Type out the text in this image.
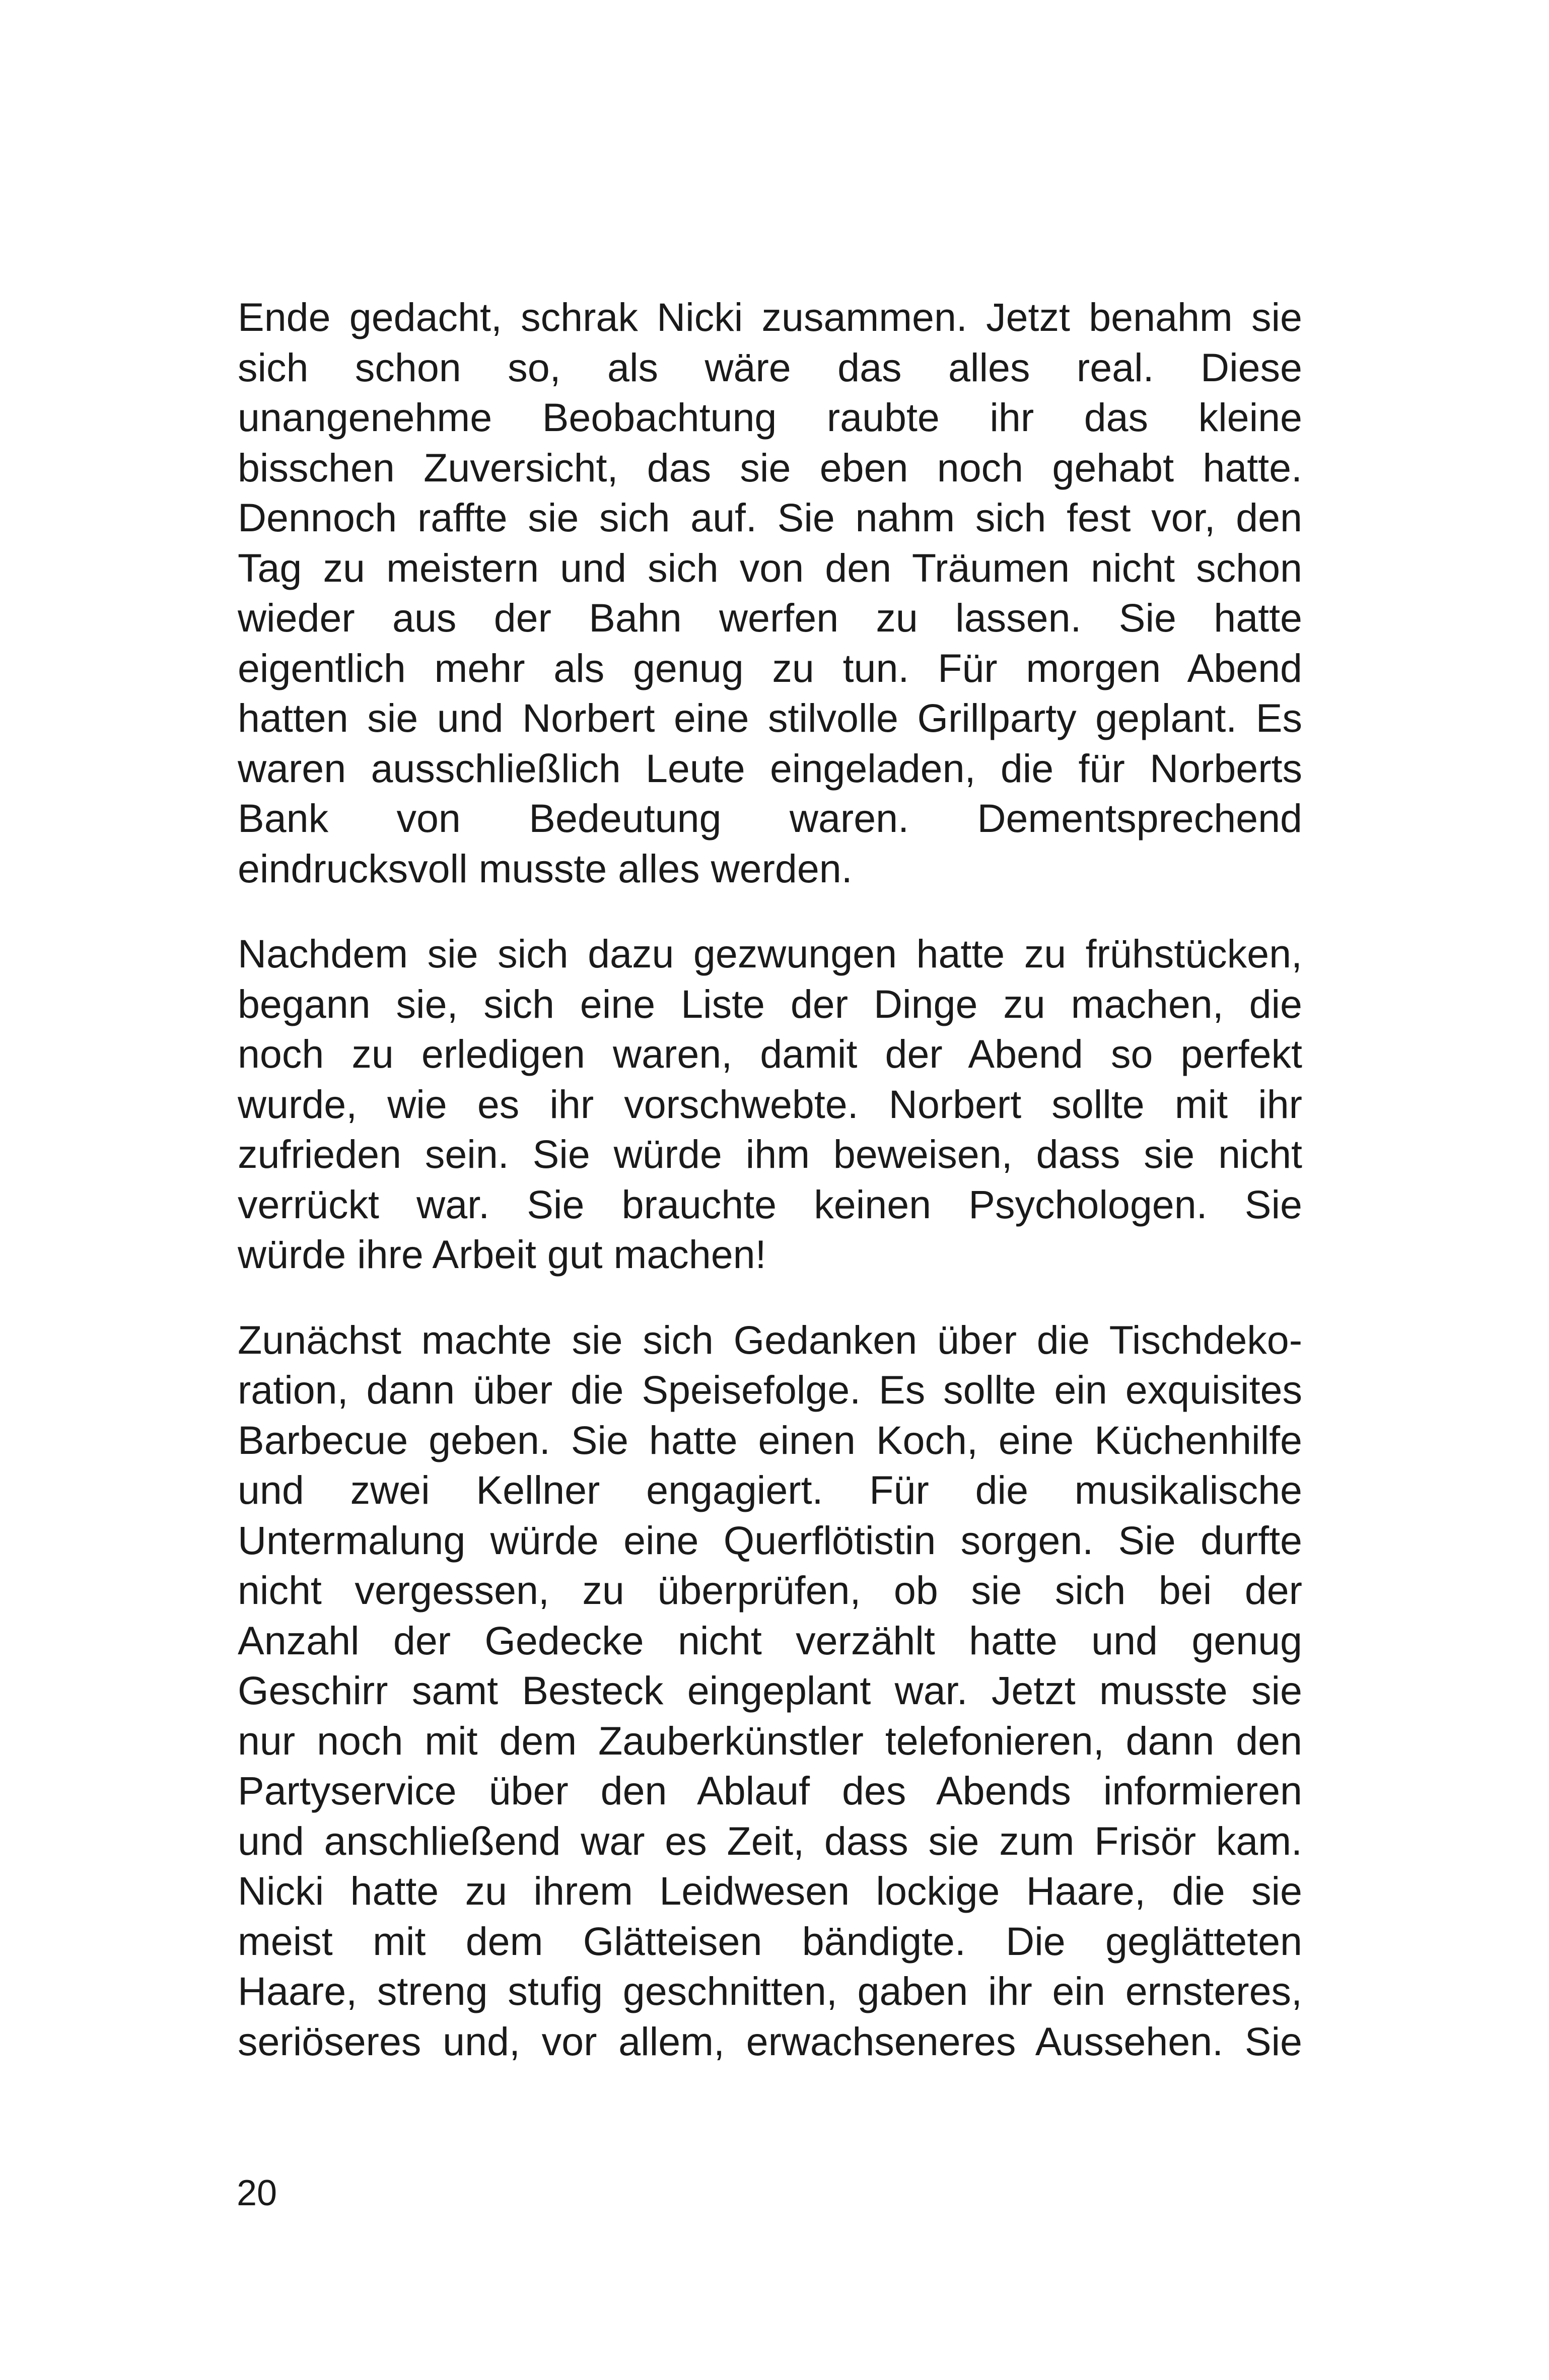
Ende gedacht, schrak Nicki zusammen. Jetzt benahm sie
sich schon so, als wäre das alles real. Diese
unangenehme Beobachtung raubte ihr das kleine
bisschen Zuversicht, das sie eben noch gehabt hatte.
Dennoch raffte sie sich auf. Sie nahm sich fest vor, den
Tag zu meistern und sich von den Träumen nicht schon
wieder aus der Bahn werfen zu lassen. Sie hatte
eigentlich mehr als genug zu tun. Für morgen Abend
hatten sie und Norbert eine stilvolle Grillparty geplant. Es
waren ausschließlich Leute eingeladen, die für Norberts
Bank von Bedeutung waren. Dementsprechend
eindrucksvoll musste alles werden.

Nachdem sie sich dazu gezwungen hatte zu frühstücken,
begann sie, sich eine Liste der Dinge zu machen, die
noch zu erledigen waren, damit der Abend so perfekt
wurde, wie es ihr vorschwebte. Norbert sollte mit ihr
zufrieden sein. Sie würde ihm beweisen, dass sie nicht
verrückt war. Sie brauchte keinen Psychologen. Sie
würde ihre Arbeit gut machen!

Zunächst machte sie sich Gedanken über die Tischdeko-
ration, dann über die Speisefolge. Es sollte ein exquisites
Barbecue geben. Sie hatte einen Koch, eine Küchenhilfe
und zwei Kellner engagiert. Für die musikalische
Untermalung würde eine Querflötistin sorgen. Sie durfte
nicht vergessen, zu überprüfen, ob sie sich bei der
Anzahl der Gedecke nicht verzählt hatte und genug
Geschirr samt Besteck eingeplant war. Jetzt musste sie
nur noch mit dem Zauberkünstler telefonieren, dann den
Partyservice über den Ablauf des Abends informieren
und anschließend war es Zeit, dass sie zum Frisör kam.
Nicki hatte zu ihrem Leidwesen lockige Haare, die sie
meist mit dem Glätteisen bändigte. Die geglätteten
Haare, streng stufig geschnitten, gaben ihr ein ernsteres,
seriöseres und, vor allem, erwachseneres Aussehen. Sie

20
